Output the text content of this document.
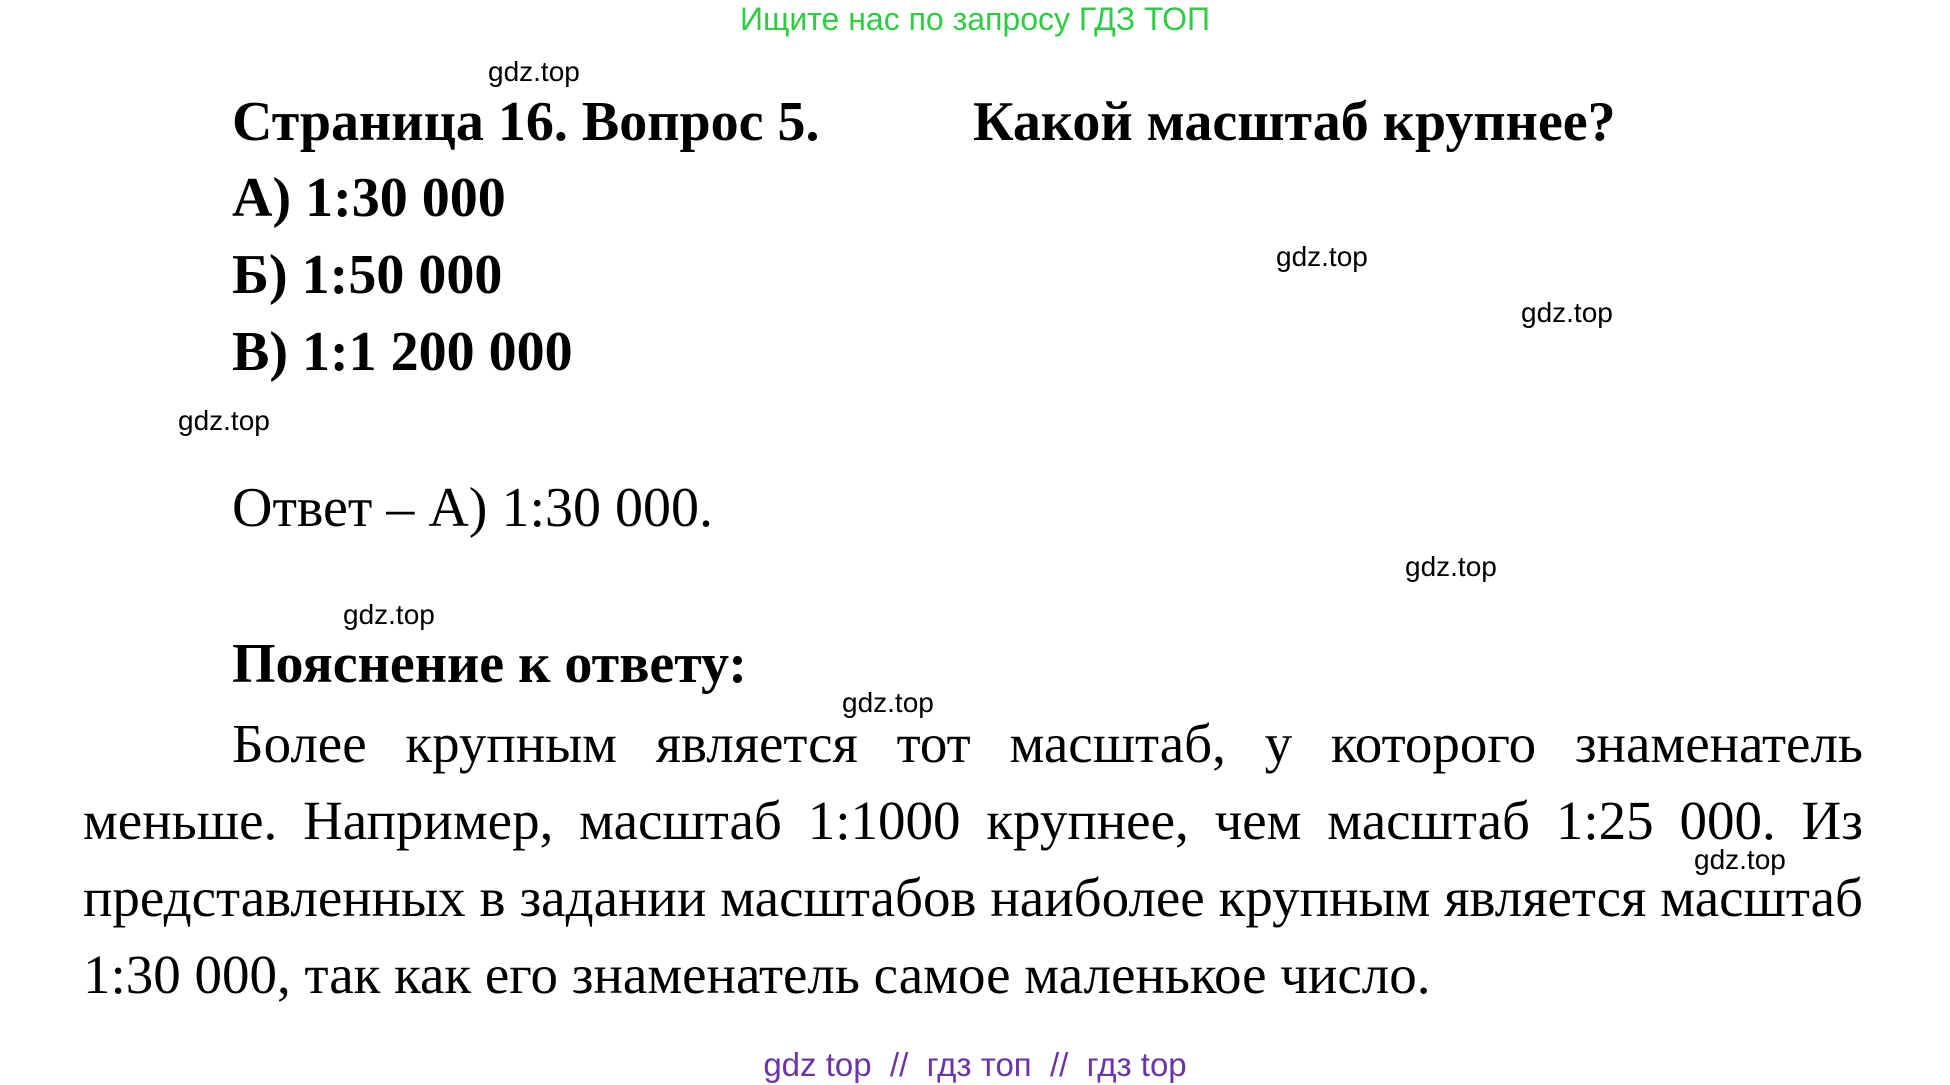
Ищите нас по запросу ГДЗ ТОП
gdz.top
gdz.top
gdz.top
gdz.top
gdz.top
gdz.top
gdz.top
gdz.top
Страница 16. Вопрос 5.	Какой масштаб крупнее?
А) 1:30 000
Б) 1:50 000
В) 1:1 200 000
Ответ – А) 1:30 000.
Пояснение к ответу:
Более крупным является тот масштаб, у которого знаменатель меньше. Например, масштаб 1:1000 крупнее, чем масштаб 1:25 000. Из представленных в задании масштабов наиболее крупным является масштаб 1:30 000, так как его знаменатель самое маленькое число.
gdz top  //  гдз топ  //  гдз top
